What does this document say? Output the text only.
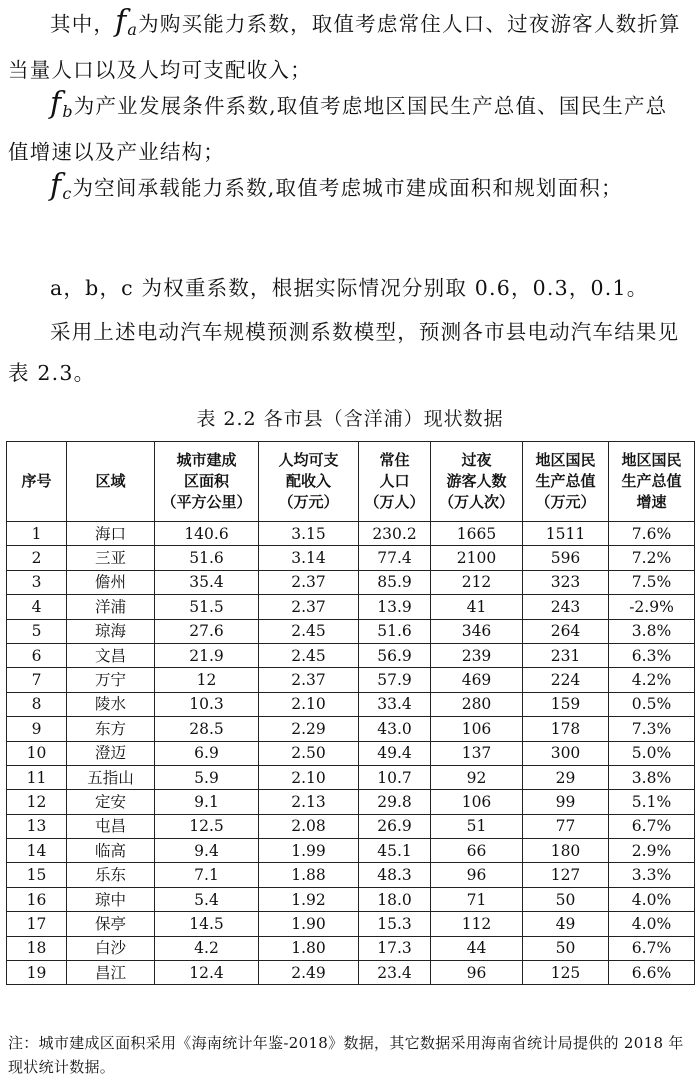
其中，fa为购买能力系数，取值考虑常住人口、过夜游客人数折算当量人口以及人均可支配收入；

fb为产业发展条件系数,取值考虑地区国民生产总值、国民生产总值增速以及产业结构；

fc为空间承载能力系数,取值考虑城市建成面积和规划面积；

a，b，c 为权重系数，根据实际情况分别取 0.6，0.3，0.1。

采用上述电动汽车规模预测系数模型，预测各市县电动汽车结果见表 2.3。

表 2.2 各市县（含洋浦）现状数据
序号	区域	城市建成
区面积
（平方公里）	人均可支
配收入
（万元）	常住
人口
（万人）	过夜
游客人数
（万人次）	地区国民
生产总值
（万元）	地区国民
生产总值
增速

1	海口	140.6	3.15	230.2	1665	1511	7.6%
2	三亚	51.6	3.14	77.4	2100	596	7.2%
3	儋州	35.4	2.37	85.9	212	323	7.5%
4	洋浦	51.5	2.37	13.9	41	243	-2.9%
5	琼海	27.6	2.45	51.6	346	264	3.8%
6	文昌	21.9	2.45	56.9	239	231	6.3%
7	万宁	12	2.37	57.9	469	224	4.2%
8	陵水	10.3	2.10	33.4	280	159	0.5%
9	东方	28.5	2.29	43.0	106	178	7.3%
10	澄迈	6.9	2.50	49.4	137	300	5.0%
11	五指山	5.9	2.10	10.7	92	29	3.8%
12	定安	9.1	2.13	29.8	106	99	5.1%
13	屯昌	12.5	2.08	26.9	51	77	6.7%
14	临高	9.4	1.99	45.1	66	180	2.9%
15	乐东	7.1	1.88	48.3	96	127	3.3%
16	琼中	5.4	1.92	18.0	71	50	4.0%
17	保亭	14.5	1.90	15.3	112	49	4.0%
18	白沙	4.2	1.80	17.3	44	50	6.7%
19	昌江	12.4	2.49	23.4	96	125	6.6%

注：城市建成区面积采用《海南统计年鉴-2018》数据，其它数据采用海南省统计局提供的 2018 年现状统计数据。
